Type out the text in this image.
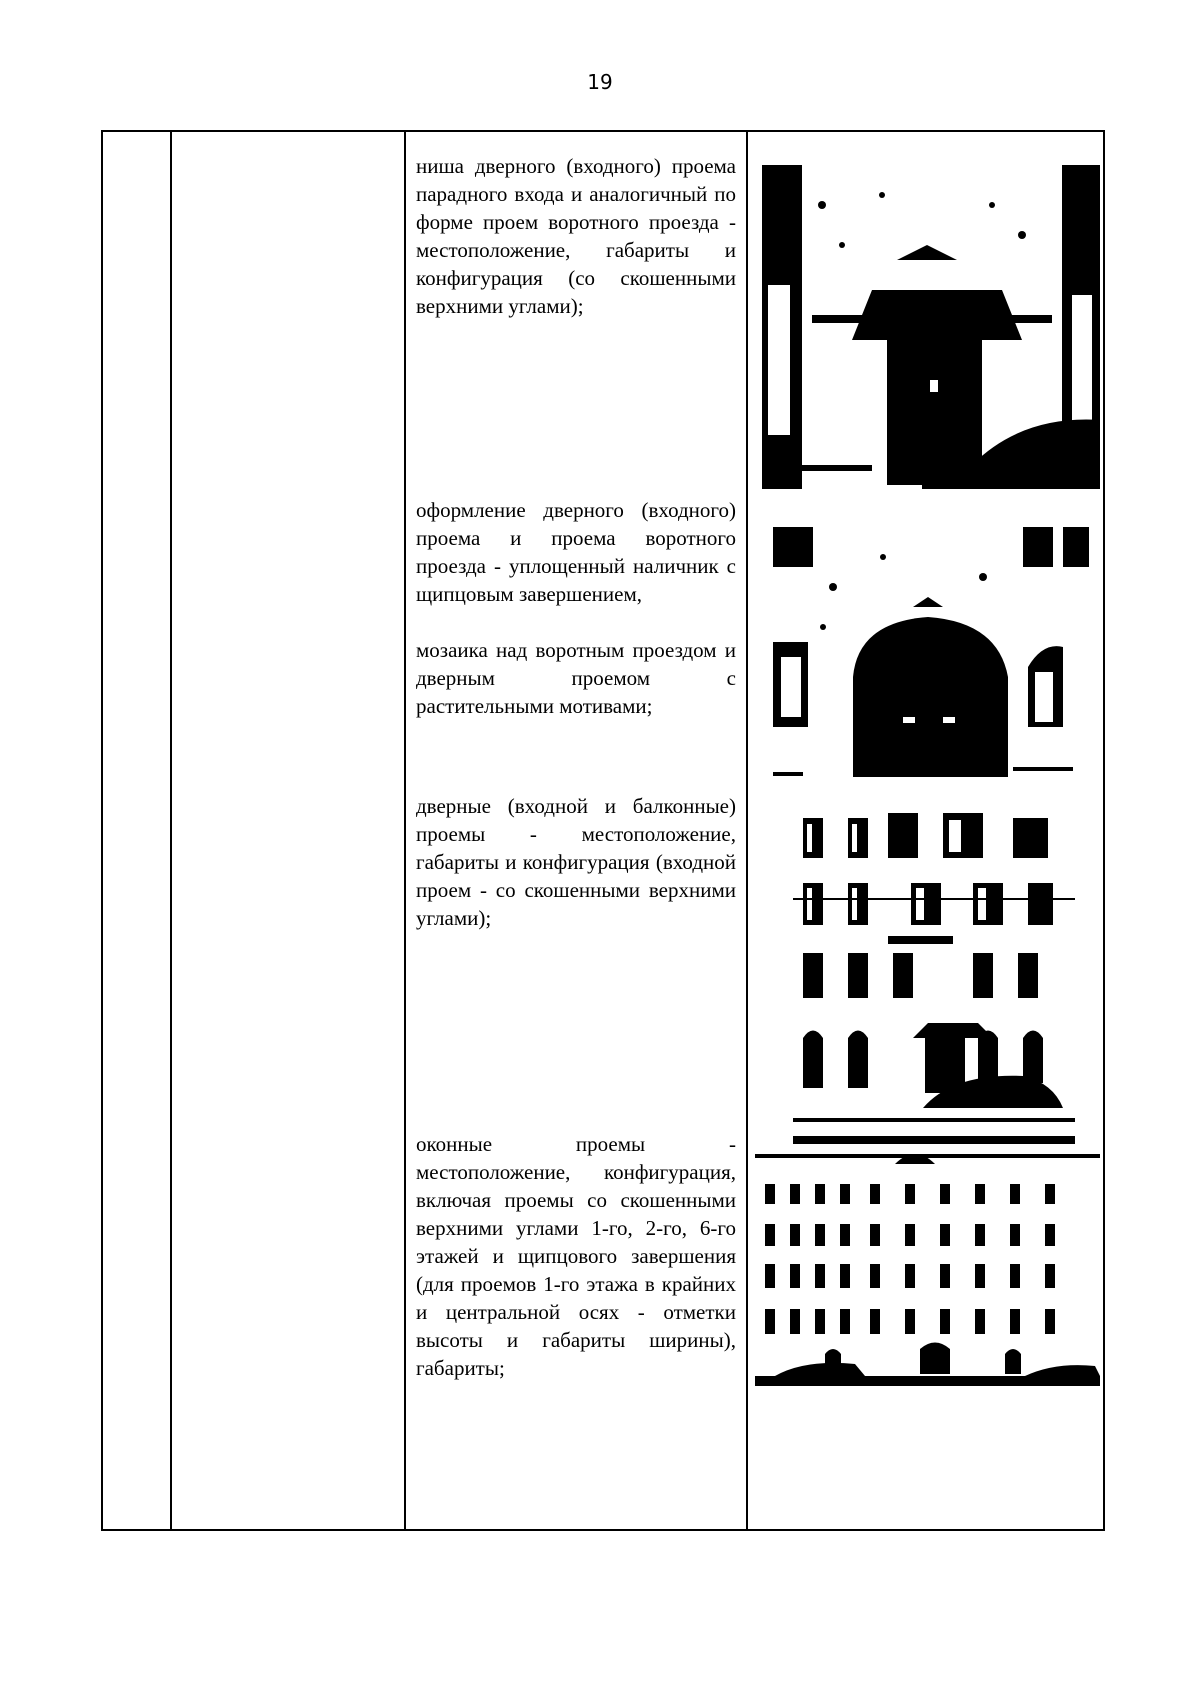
19

ниша дверного (входного) проема парадного входа и аналогичный по форме проем воротного проезда - местоположение, габариты и конфигурация (со скошенными верхними углами);

оформление дверного (входного) проема и проема воротного проезда - уплощенный наличник с щипцовым завершением,

мозаика над воротным проездом и дверным проемом с растительными мотивами;

дверные (входной и балконные) проемы - местоположение, габариты и конфигурация (входной проем - со скошенными верхними углами);

оконные проемы - местоположение, конфигурация, включая проемы со скошенными верхними углами 1-го, 2-го, 6-го этажей и щипцового завершения (для проемов 1-го этажа в крайних и центральной осях - отметки высоты и габариты ширины), габариты;
